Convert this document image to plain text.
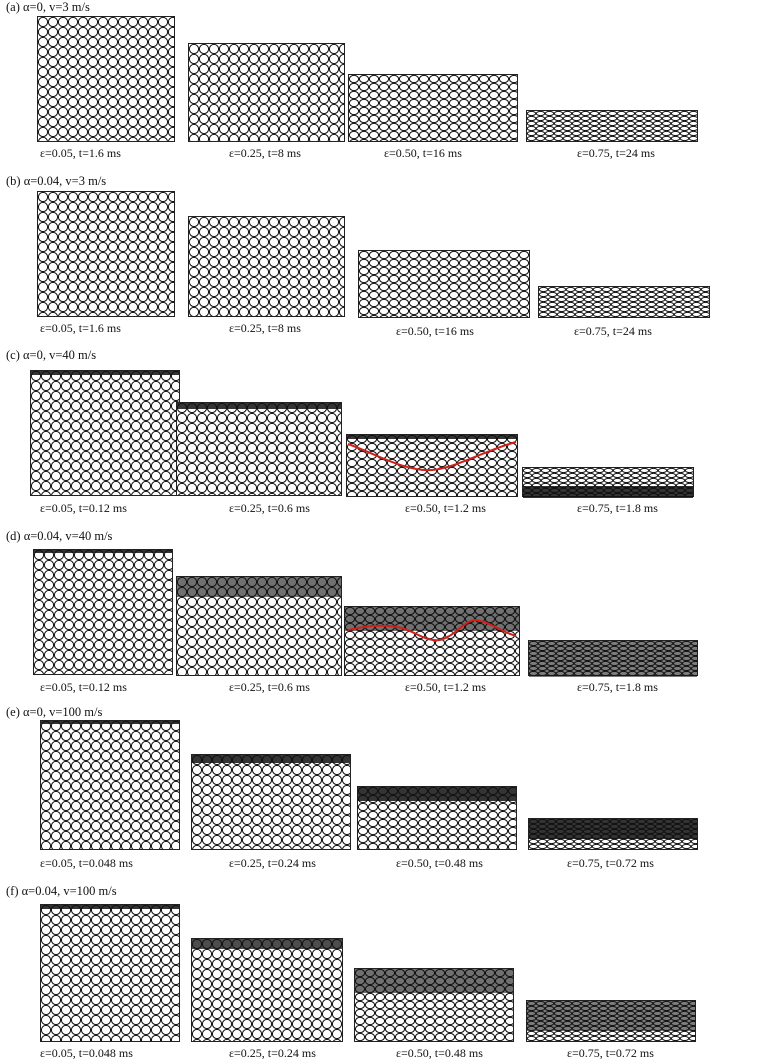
(a) α=0, v=3 m/s
ε=0.05, t=1.6 ms	ε=0.25, t=8 ms	ε=0.50, t=16 ms	ε=0.75, t=24 ms
(b) α=0.04, v=3 m/s
ε=0.05, t=1.6 ms	ε=0.25, t=8 ms	ε=0.50, t=16 ms	ε=0.75, t=24 ms
(c) α=0, v=40 m/s
ε=0.05, t=0.12 ms	ε=0.25, t=0.6 ms	ε=0.50, t=1.2 ms	ε=0.75, t=1.8 ms
(d) α=0.04, v=40 m/s
ε=0.05, t=0.12 ms	ε=0.25, t=0.6 ms	ε=0.50, t=1.2 ms	ε=0.75, t=1.8 ms
(e) α=0, v=100 m/s
ε=0.05, t=0.048 ms	ε=0.25, t=0.24 ms	ε=0.50, t=0.48 ms	ε=0.75, t=0.72 ms
(f) α=0.04, v=100 m/s
ε=0.05, t=0.048 ms	ε=0.25, t=0.24 ms	ε=0.50, t=0.48 ms	ε=0.75, t=0.72 ms
